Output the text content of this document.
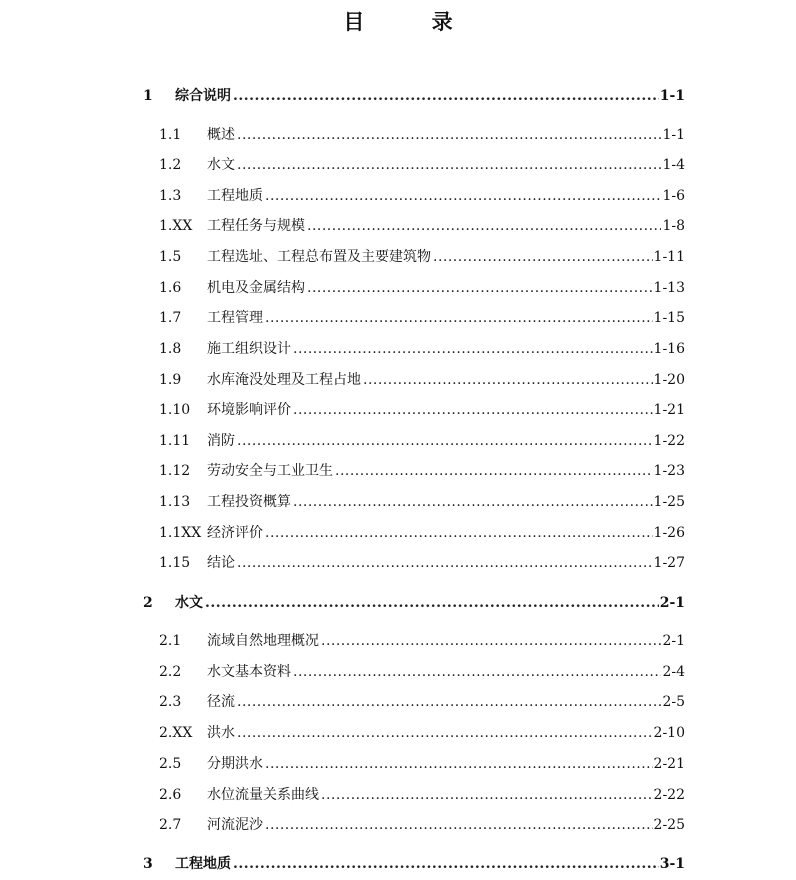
目 录
1 综合说明 .....	1-1
1.1 概述 .....	1-1
1.2 水文 .....	1-4
1.3 工程地质 .....	1-6
1.XX 工程任务与规模 .....	1-8
1.5 工程选址、工程总布置及主要建筑物 .....	1-11
1.6 机电及金属结构 .....	1-13
1.7 工程管理 .....	1-15
1.8 施工组织设计 .....	1-16
1.9 水库淹没处理及工程占地 .....	1-20
1.10 环境影响评价 .....	1-21
1.11 消防 .....	1-22
1.12 劳动安全与工业卫生 .....	1-23
1.13 工程投资概算 .....	1-25
1.1XX 经济评价 .....	1-26
1.15 结论 .....	1-27
2 水文 .....	2-1
2.1 流域自然地理概况 .....	2-1
2.2 水文基本资料 .....	2-4
2.3 径流 .....	2-5
2.XX 洪水 .....	2-10
2.5 分期洪水 .....	2-21
2.6 水位流量关系曲线 .....	2-22
2.7 河流泥沙 .....	2-25
3 工程地质 .....	3-1
